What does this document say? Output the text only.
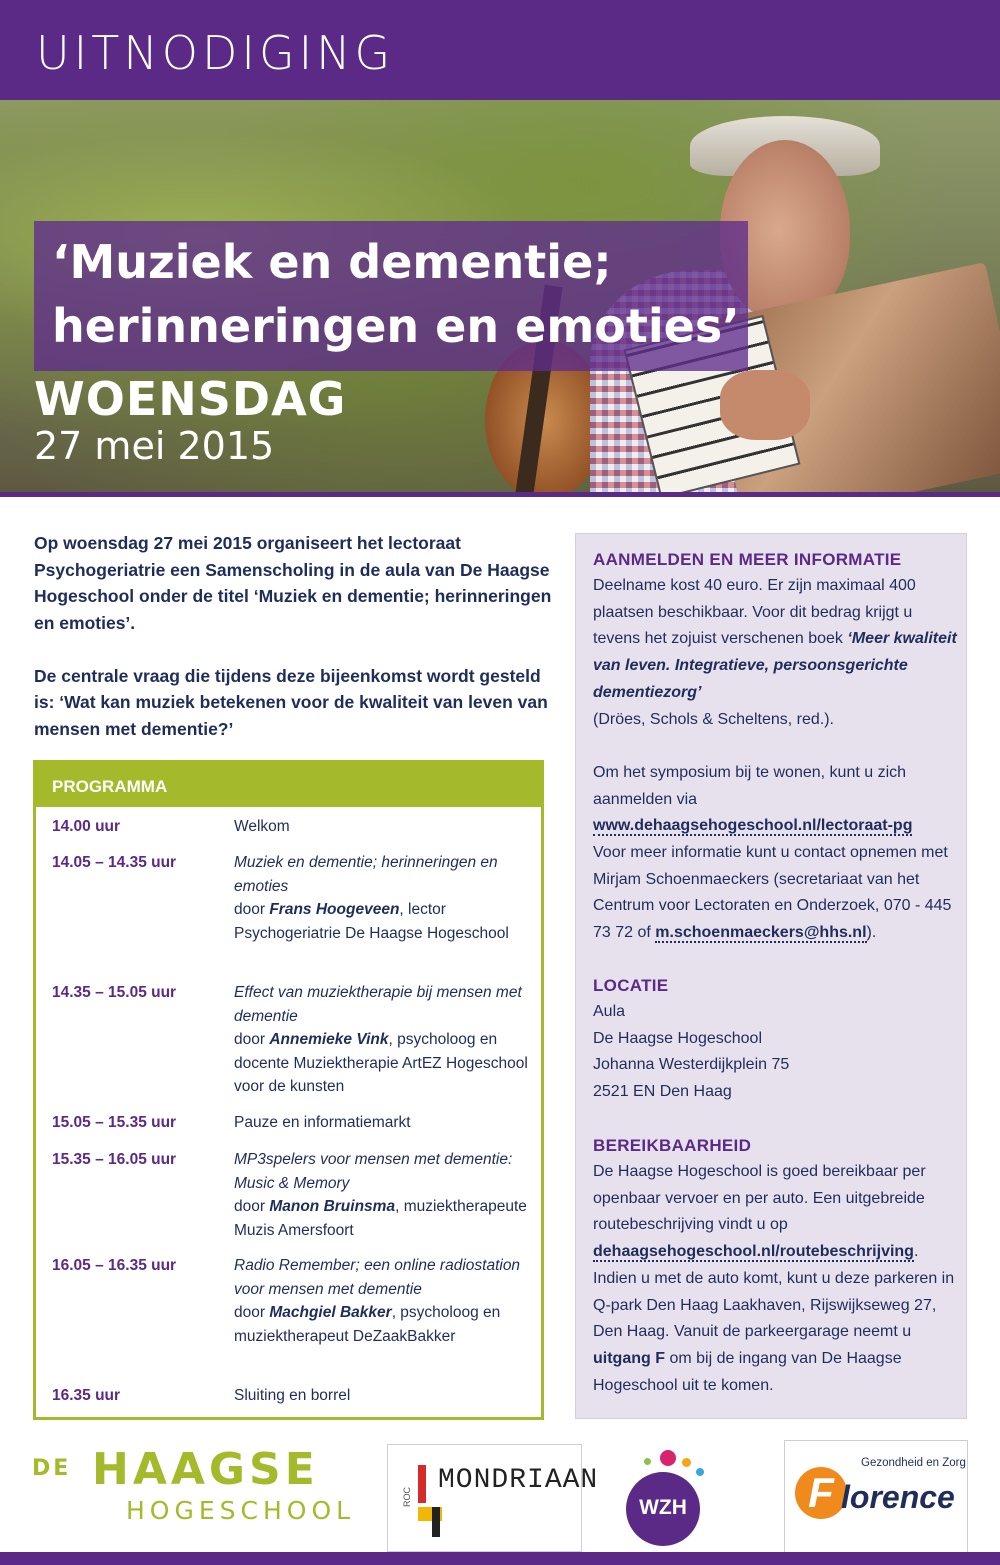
UITNODIGING
‘Muziek en dementie;
herinneringen en emoties’
WOENSDAG
27 mei 2015

Op woensdag 27 mei 2015 organiseert het lectoraat Psychogeriatrie een Samenscholing in de aula van De Haagse Hogeschool onder de titel ‘Muziek en dementie; herinneringen en emoties’.

De centrale vraag die tijdens deze bijeenkomst wordt gesteld is: ‘Wat kan muziek betekenen voor de kwaliteit van leven van mensen met dementie?’

PROGRAMMA
14.00 uur	Welkom
14.05 – 14.35 uur	Muziek en dementie; herinneringen en emoties
door Frans Hoogeveen, lector Psychogeriatrie De Haagse Hogeschool
14.35 – 15.05 uur	Effect van muziektherapie bij mensen met dementie
door Annemieke Vink, psycholoog en docente Muziektherapie ArtEZ Hogeschool voor de kunsten
15.05 – 15.35 uur	Pauze en informatiemarkt
15.35 – 16.05 uur	MP3spelers voor mensen met dementie: Music & Memory
door Manon Bruinsma, muziektherapeute Muzis Amersfoort
16.05 – 16.35 uur	Radio Remember; een online radiostation voor mensen met dementie
door Machgiel Bakker, psycholoog en muziektherapeut DeZaakBakker
16.35 uur	Sluiting en borrel
AANMELDEN EN MEER INFORMATIE

Deelname kost 40 euro. Er zijn maximaal 400 plaatsen beschikbaar. Voor dit bedrag krijgt u tevens het zojuist verschenen boek ‘Meer kwaliteit van leven. Integratieve, persoonsgerichte dementiezorg’
(Dröes, Schols & Scheltens, red.).

Om het symposium bij te wonen, kunt u zich aanmelden via
www.dehaagsehogeschool.nl/lectoraat-pg
Voor meer informatie kunt u contact opnemen met Mirjam Schoenmaeckers (secretariaat van het Centrum voor Lectoraten en Onderzoek, 070 - 445 73 72 of m.schoenmaeckers@hhs.nl).

LOCATIE

Aula
De Haagse Hogeschool
Johanna Westerdijkplein 75
2521 EN Den Haag

BEREIKBAARHEID

De Haagse Hogeschool is goed bereikbaar per openbaar vervoer en per auto. Een uitgebreide routebeschrijving vindt u op dehaagsehogeschool.nl/routebeschrijving. Indien u met de auto komt, kunt u deze parkeren in Q-park Den Haag Laakhaven, Rijswijkseweg 27, Den Haag. Vanuit de parkeergarage neemt u uitgang F om bij de ingang van De Haagse Hogeschool uit te komen.

DE HAAGSE
HOGESCHOOL	ROC
MONDRIAAN
WZH
Gezondheid en Zorg
F lorence
